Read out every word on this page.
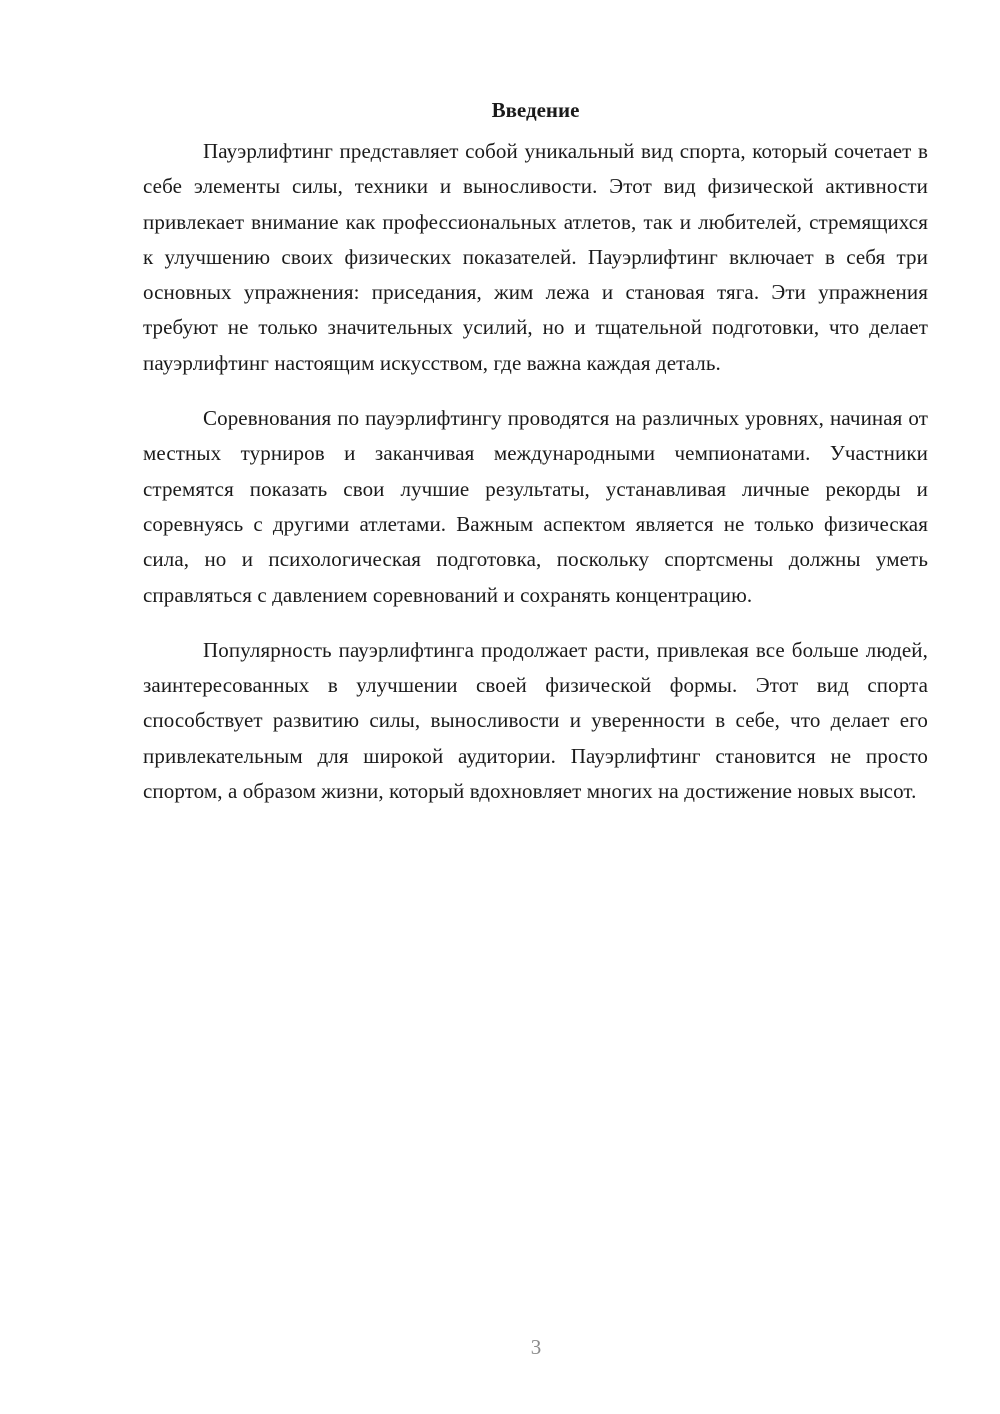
Введение

Пауэрлифтинг представляет собой уникальный вид спорта, который сочетает в себе элементы силы, техники и выносливости. Этот вид физической активности привлекает внимание как профессиональных атлетов, так и любителей, стремящихся к улучшению своих физических показателей. Пауэрлифтинг включает в себя три основных упражнения: приседания, жим лежа и становая тяга. Эти упражнения требуют не только значительных усилий, но и тщательной подготовки, что делает пауэрлифтинг настоящим искусством, где важна каждая деталь.

Соревнования по пауэрлифтингу проводятся на различных уровнях, начиная от местных турниров и заканчивая международными чемпионатами. Участники стремятся показать свои лучшие результаты, устанавливая личные рекорды и соревнуясь с другими атлетами. Важным аспектом является не только физическая сила, но и психологическая подготовка, поскольку спортсмены должны уметь справляться с давлением соревнований и сохранять концентрацию.

Популярность пауэрлифтинга продолжает расти, привлекая все больше людей, заинтересованных в улучшении своей физической формы. Этот вид спорта способствует развитию силы, выносливости и уверенности в себе, что делает его привлекательным для широкой аудитории. Пауэрлифтинг становится не просто спортом, а образом жизни, который вдохновляет многих на достижение новых высот.

3
